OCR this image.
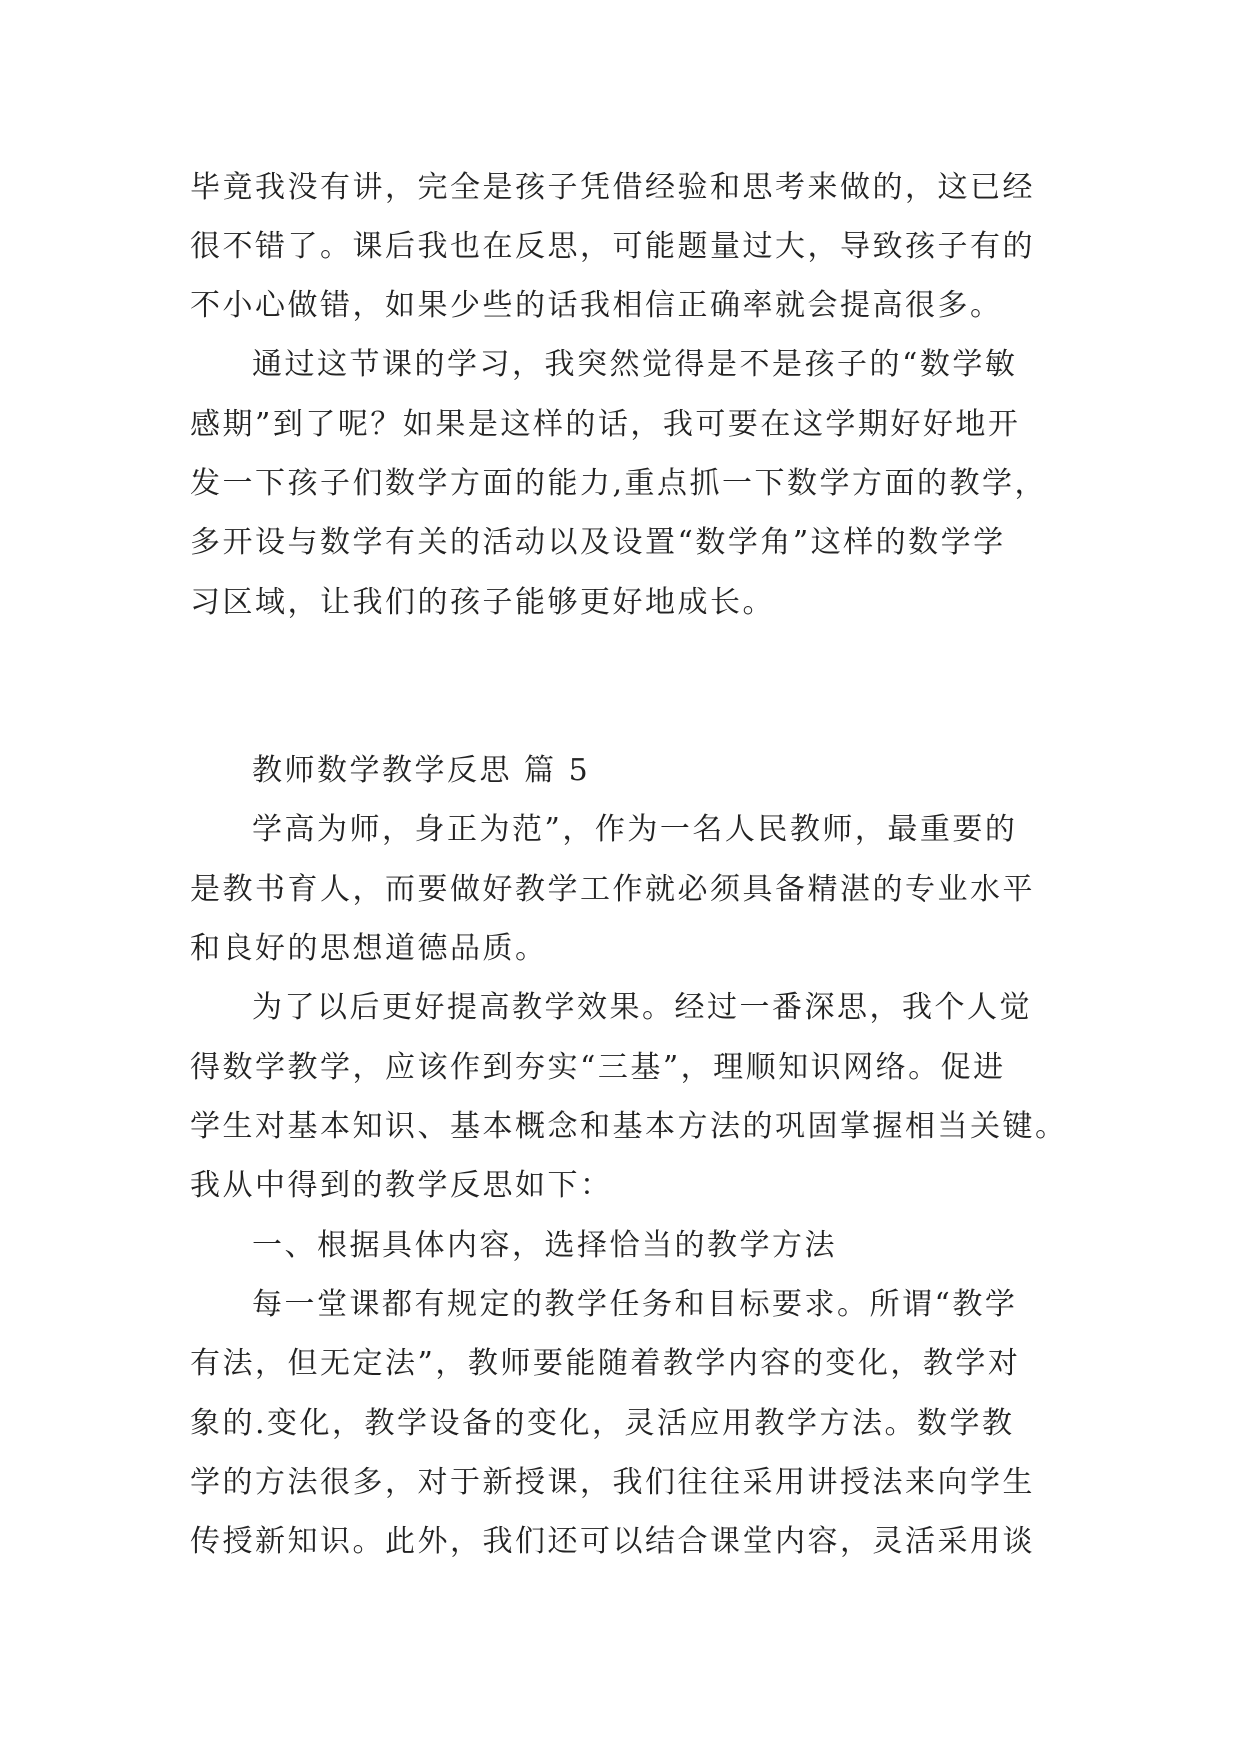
毕竟我没有讲，完全是孩子凭借经验和思考来做的，这已经
很不错了。课后我也在反思，可能题量过大，导致孩子有的
不小心做错，如果少些的话我相信正确率就会提高很多。
通过这节课的学习，我突然觉得是不是孩子的“数学敏
感期”到了呢？如果是这样的话，我可要在这学期好好地开
发一下孩子们数学方面的能力,重点抓一下数学方面的教学，
多开设与数学有关的活动以及设置“数学角”这样的数学学
习区域，让我们的孩子能够更好地成长。
教师数学教学反思 篇 5
学高为师，身正为范”，作为一名人民教师，最重要的
是教书育人，而要做好教学工作就必须具备精湛的专业水平
和良好的思想道德品质。
为了以后更好提高教学效果。经过一番深思，我个人觉
得数学教学，应该作到夯实“三基”，理顺知识网络。促进
学生对基本知识、基本概念和基本方法的巩固掌握相当关键。
我从中得到的教学反思如下：
一、根据具体内容，选择恰当的教学方法
每一堂课都有规定的教学任务和目标要求。所谓“教学
有法，但无定法”，教师要能随着教学内容的变化，教学对
象的.变化，教学设备的变化，灵活应用教学方法。数学教
学的方法很多，对于新授课，我们往往采用讲授法来向学生
传授新知识。此外，我们还可以结合课堂内容，灵活采用谈
